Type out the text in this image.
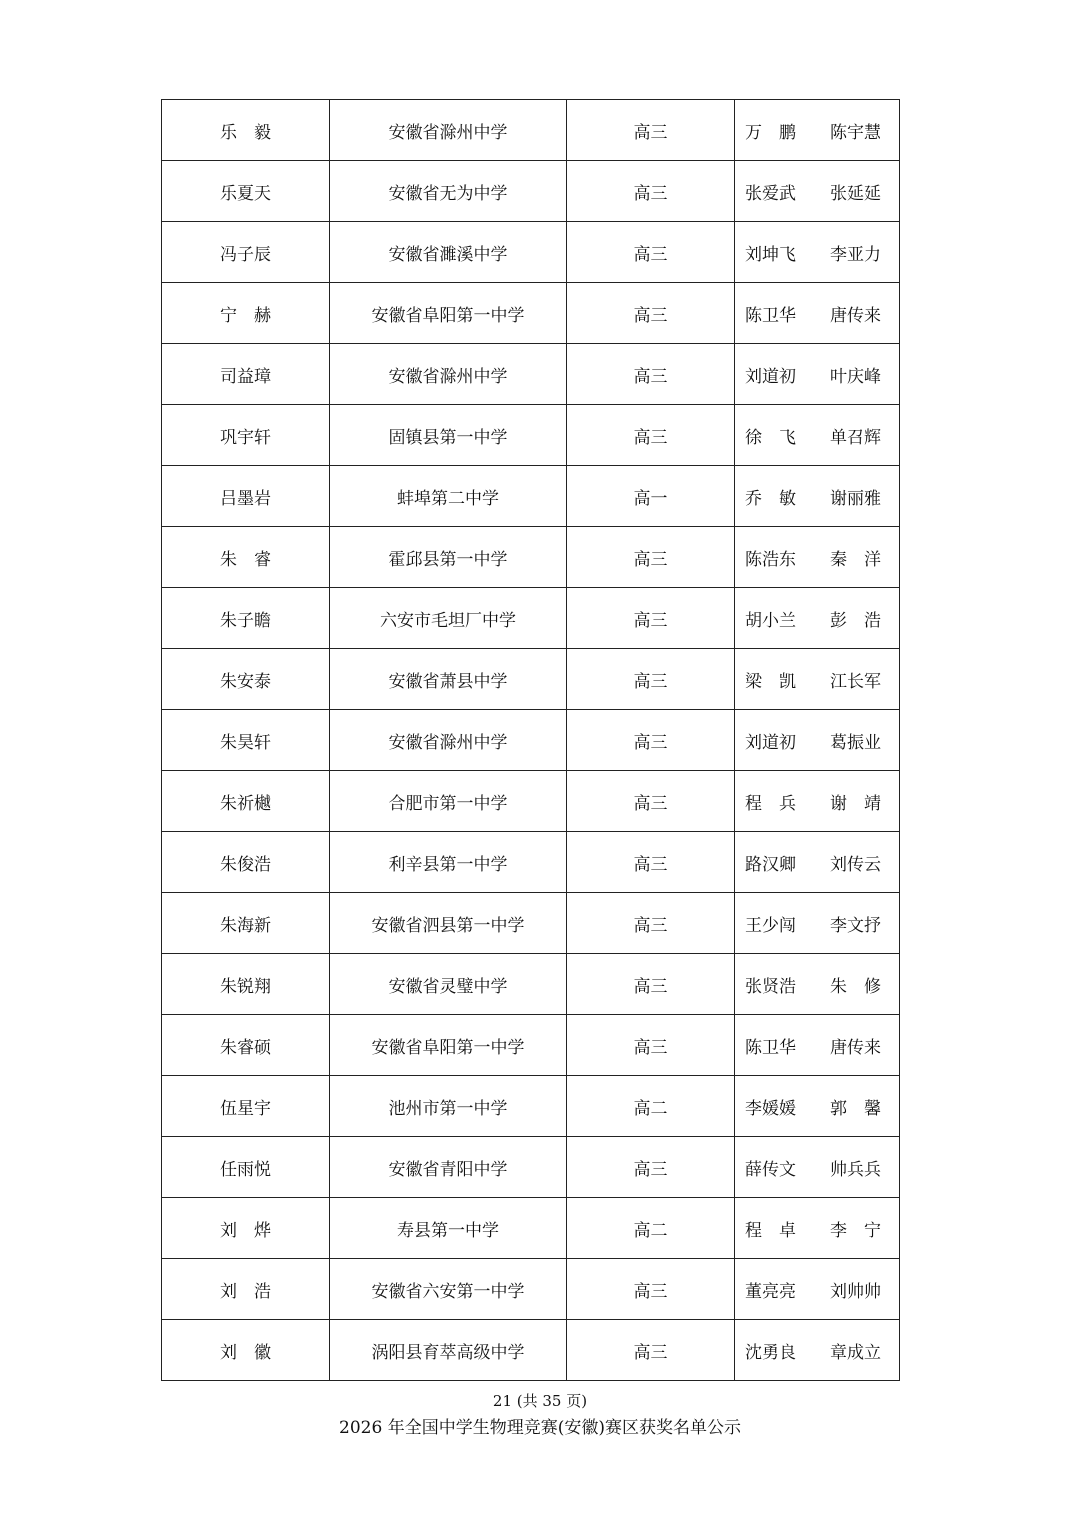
乐　毅	安徽省滁州中学	高三	万　鹏 陈宇慧

乐夏天	安徽省无为中学	高三	张爱武 张延延

冯子辰	安徽省濉溪中学	高三	刘坤飞 李亚力

宁　赫	安徽省阜阳第一中学	高三	陈卫华 唐传来

司益璋	安徽省滁州中学	高三	刘道初 叶庆峰

巩宇轩	固镇县第一中学	高三	徐　飞 单召辉

吕墨岩	蚌埠第二中学	高一	乔　敏 谢丽雅

朱　睿	霍邱县第一中学	高三	陈浩东 秦　洋

朱子瞻	六安市毛坦厂中学	高三	胡小兰 彭　浩

朱安泰	安徽省萧县中学	高三	梁　凯 江长军

朱昊轩	安徽省滁州中学	高三	刘道初 葛振业

朱祈樾	合肥市第一中学	高三	程　兵 谢　靖

朱俊浩	利辛县第一中学	高三	路汉卿 刘传云

朱海新	安徽省泗县第一中学	高三	王少闯 李文抒

朱锐翔	安徽省灵璧中学	高三	张贤浩 朱　修

朱睿硕	安徽省阜阳第一中学	高三	陈卫华 唐传来

伍星宇	池州市第一中学	高二	李媛媛 郭　馨

任雨悦	安徽省青阳中学	高三	薛传文 帅兵兵

刘　烨	寿县第一中学	高二	程　卓 李　宁

刘　浩	安徽省六安第一中学	高三	董亮亮 刘帅帅

刘　徽	涡阳县育萃高级中学	高三	沈勇良 章成立
21 (共 35 页)
2026 年全国中学生物理竞赛(安徽)赛区获奖名单公示
